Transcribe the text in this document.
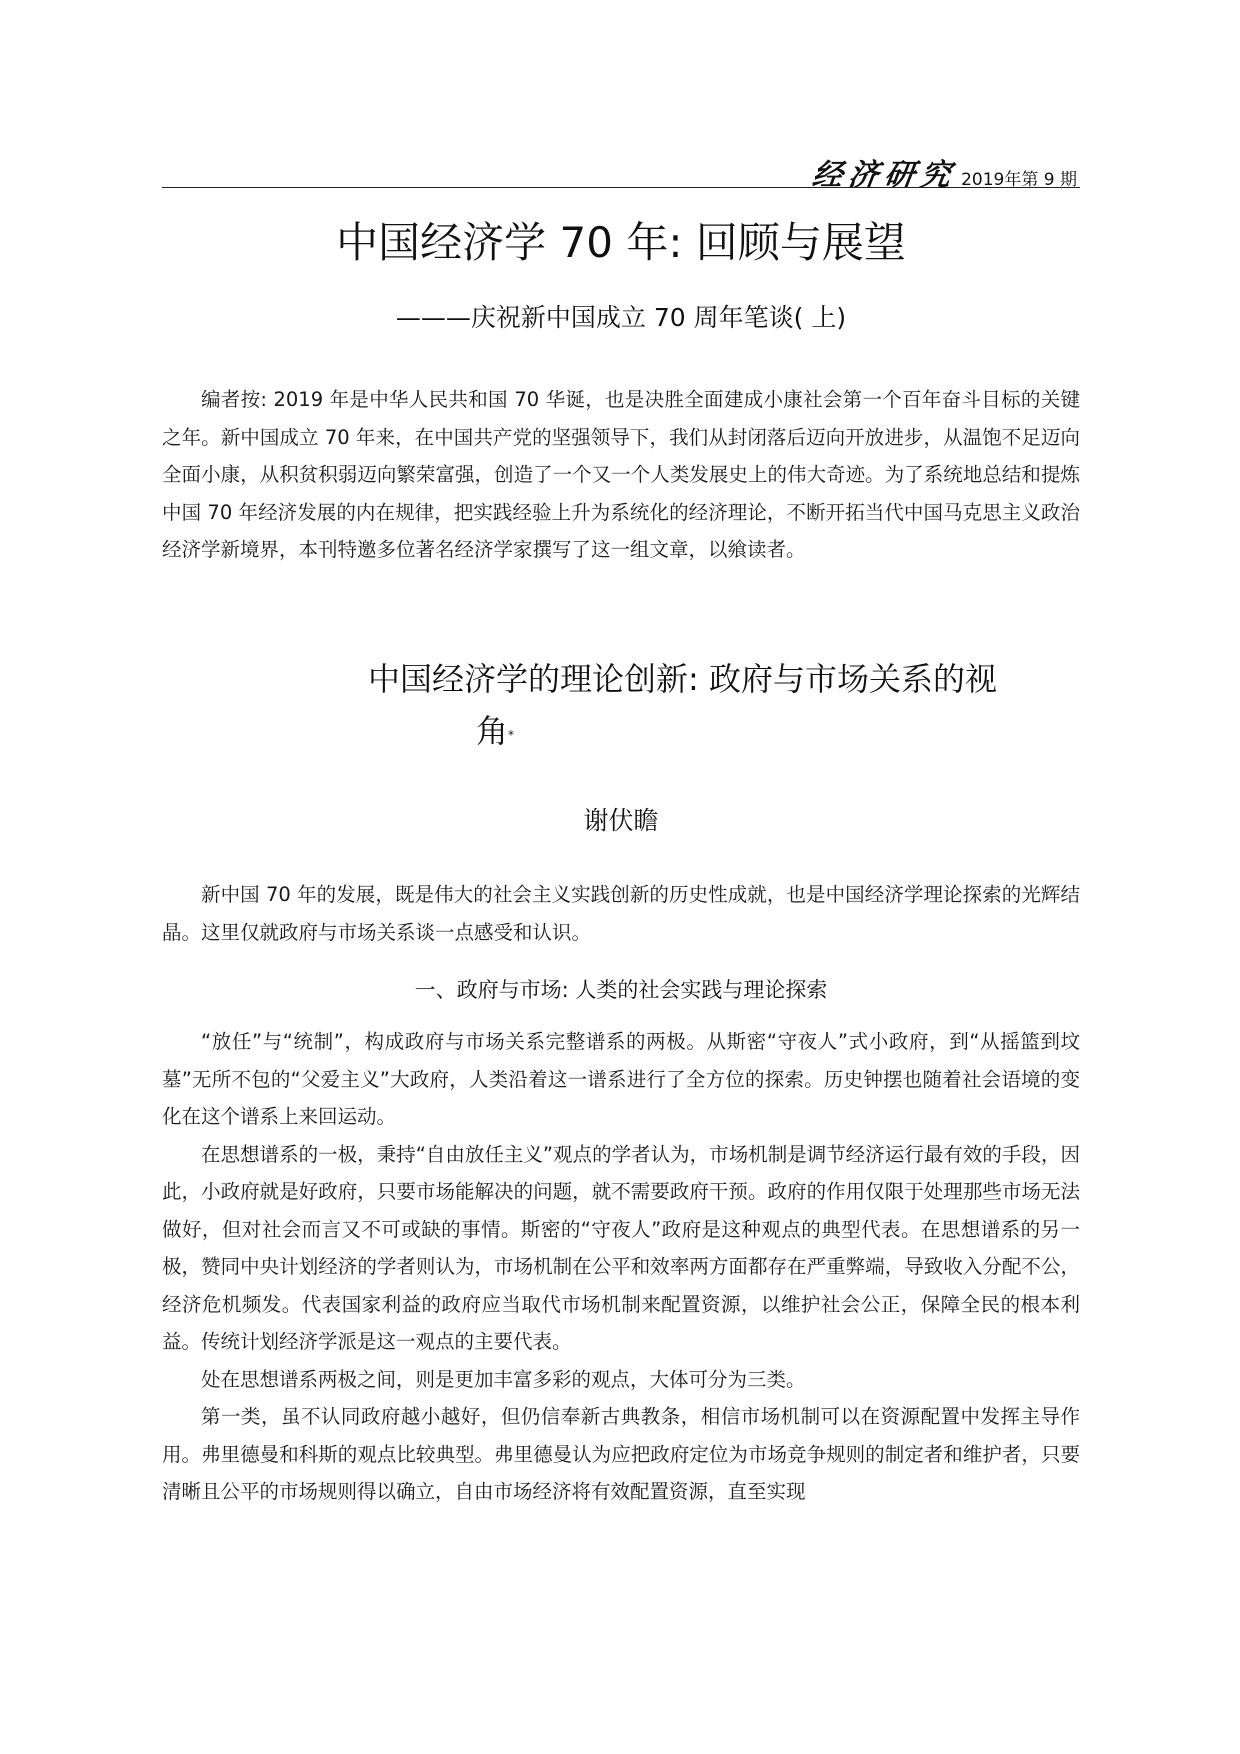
经济研究 2019年第 9 期
中国经济学 70 年: 回顾与展望
———庆祝新中国成立 70 周年笔谈( 上)
编者按: 2019 年是中华人民共和国 70 华诞，也是决胜全面建成小康社会第一个百年奋斗目标的关键之年。新中国成立 70 年来，在中国共产党的坚强领导下，我们从封闭落后迈向开放进步，从温饱不足迈向全面小康，从积贫积弱迈向繁荣富强，创造了一个又一个人类发展史上的伟大奇迹。为了系统地总结和提炼中国 70 年经济发展的内在规律，把实践经验上升为系统化的经济理论，不断开拓当代中国马克思主义政治经济学新境界，本刊特邀多位著名经济学家撰写了这一组文章，以飨读者。
中国经济学的理论创新: 政府与市场关系的视
角*
谢伏瞻
新中国 70 年的发展，既是伟大的社会主义实践创新的历史性成就，也是中国经济学理论探索的光辉结晶。这里仅就政府与市场关系谈一点感受和认识。
一、政府与市场: 人类的社会实践与理论探索

“放任”与“统制”，构成政府与市场关系完整谱系的两极。从斯密“守夜人”式小政府，到“从摇篮到坟墓”无所不包的“父爱主义”大政府，人类沿着这一谱系进行了全方位的探索。历史钟摆也随着社会语境的变化在这个谱系上来回运动。

在思想谱系的一极，秉持“自由放任主义”观点的学者认为，市场机制是调节经济运行最有效的手段，因此，小政府就是好政府，只要市场能解决的问题，就不需要政府干预。政府的作用仅限于处理那些市场无法做好，但对社会而言又不可或缺的事情。斯密的“守夜人”政府是这种观点的典型代表。在思想谱系的另一极，赞同中央计划经济的学者则认为，市场机制在公平和效率两方面都存在严重弊端，导致收入分配不公，经济危机频发。代表国家利益的政府应当取代市场机制来配置资源，以维护社会公正，保障全民的根本利益。传统计划经济学派是这一观点的主要代表。

处在思想谱系两极之间，则是更加丰富多彩的观点，大体可分为三类。

第一类，虽不认同政府越小越好，但仍信奉新古典教条，相信市场机制可以在资源配置中发挥主导作用。弗里德曼和科斯的观点比较典型。弗里德曼认为应把政府定位为市场竞争规则的制定者和维护者，只要清晰且公平的市场规则得以确立，自由市场经济将有效配置资源，直至实现
